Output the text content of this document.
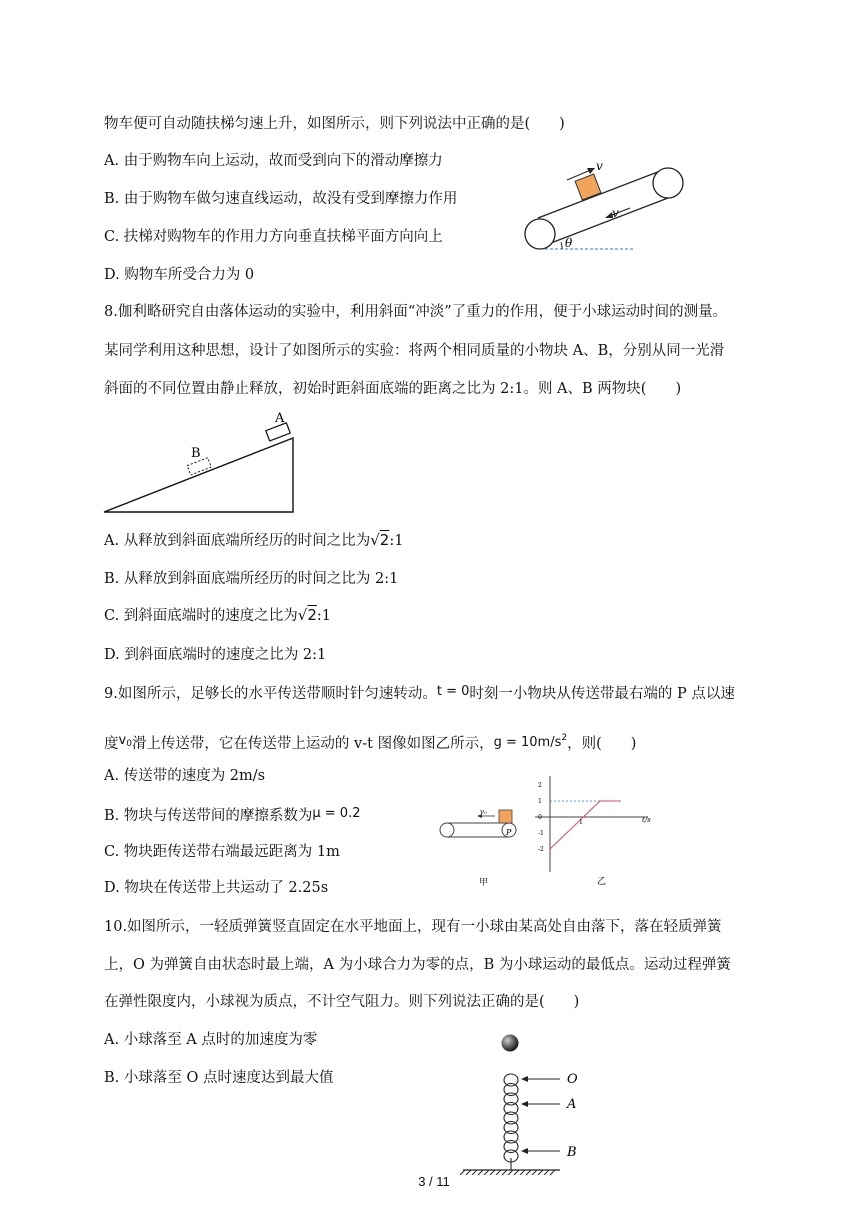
物车便可自动随扶梯匀速上升，如图所示，则下列说法中正确的是(　　)
A. 由于购物车向上运动，故而受到向下的滑动摩擦力
B. 由于购物车做匀速直线运动，故没有受到摩擦力作用
C. 扶梯对购物车的作用力方向垂直扶梯平面方向向上
D. 购物车所受合力为 0
v
v
θ
8.伽利略研究自由落体运动的实验中，利用斜面“冲淡”了重力的作用，便于小球运动时间的测量。
某同学利用这种思想，设计了如图所示的实验：将两个相同质量的小物块 A、B，分别从同一光滑
斜面的不同位置由静止释放，初始时距斜面底端的距离之比为 2:1。则 A、B 两物块(　　)
A
B
A. 从释放到斜面底端所经历的时间之比为√2:1
B. 从释放到斜面底端所经历的时间之比为 2:1
C. 到斜面底端时的速度之比为√2:1
D. 到斜面底端时的速度之比为 2:1
9.如图所示，足够长的水平传送带顺时针匀速转动。t = 0时刻一小物块从传送带最右端的 P 点以速
度$v_0$滑上传送带，它在传送带上运动的 v-t 图像如图乙所示，$g = 10m/s^2$，则(　　)
A. 传送带的速度为 2m/s
B. 物块与传送带间的摩擦系数为μ = 0.2
C. 物块距传送带右端最远距离为 1m
D. 物块在传送带上共运动了 2.25s
v₀
P
甲
2
1
0
-1
-2
t/s
1
乙
10.如图所示，一轻质弹簧竖直固定在水平地面上，现有一小球由某高处自由落下，落在轻质弹簧
上，O 为弹簧自由状态时最上端，A 为小球合力为零的点，B 为小球运动的最低点。运动过程弹簧
在弹性限度内，小球视为质点，不计空气阻力。则下列说法正确的是(　　)
A. 小球落至 A 点时的加速度为零
B. 小球落至 O 点时速度达到最大值	O
A
B
3 / 11
